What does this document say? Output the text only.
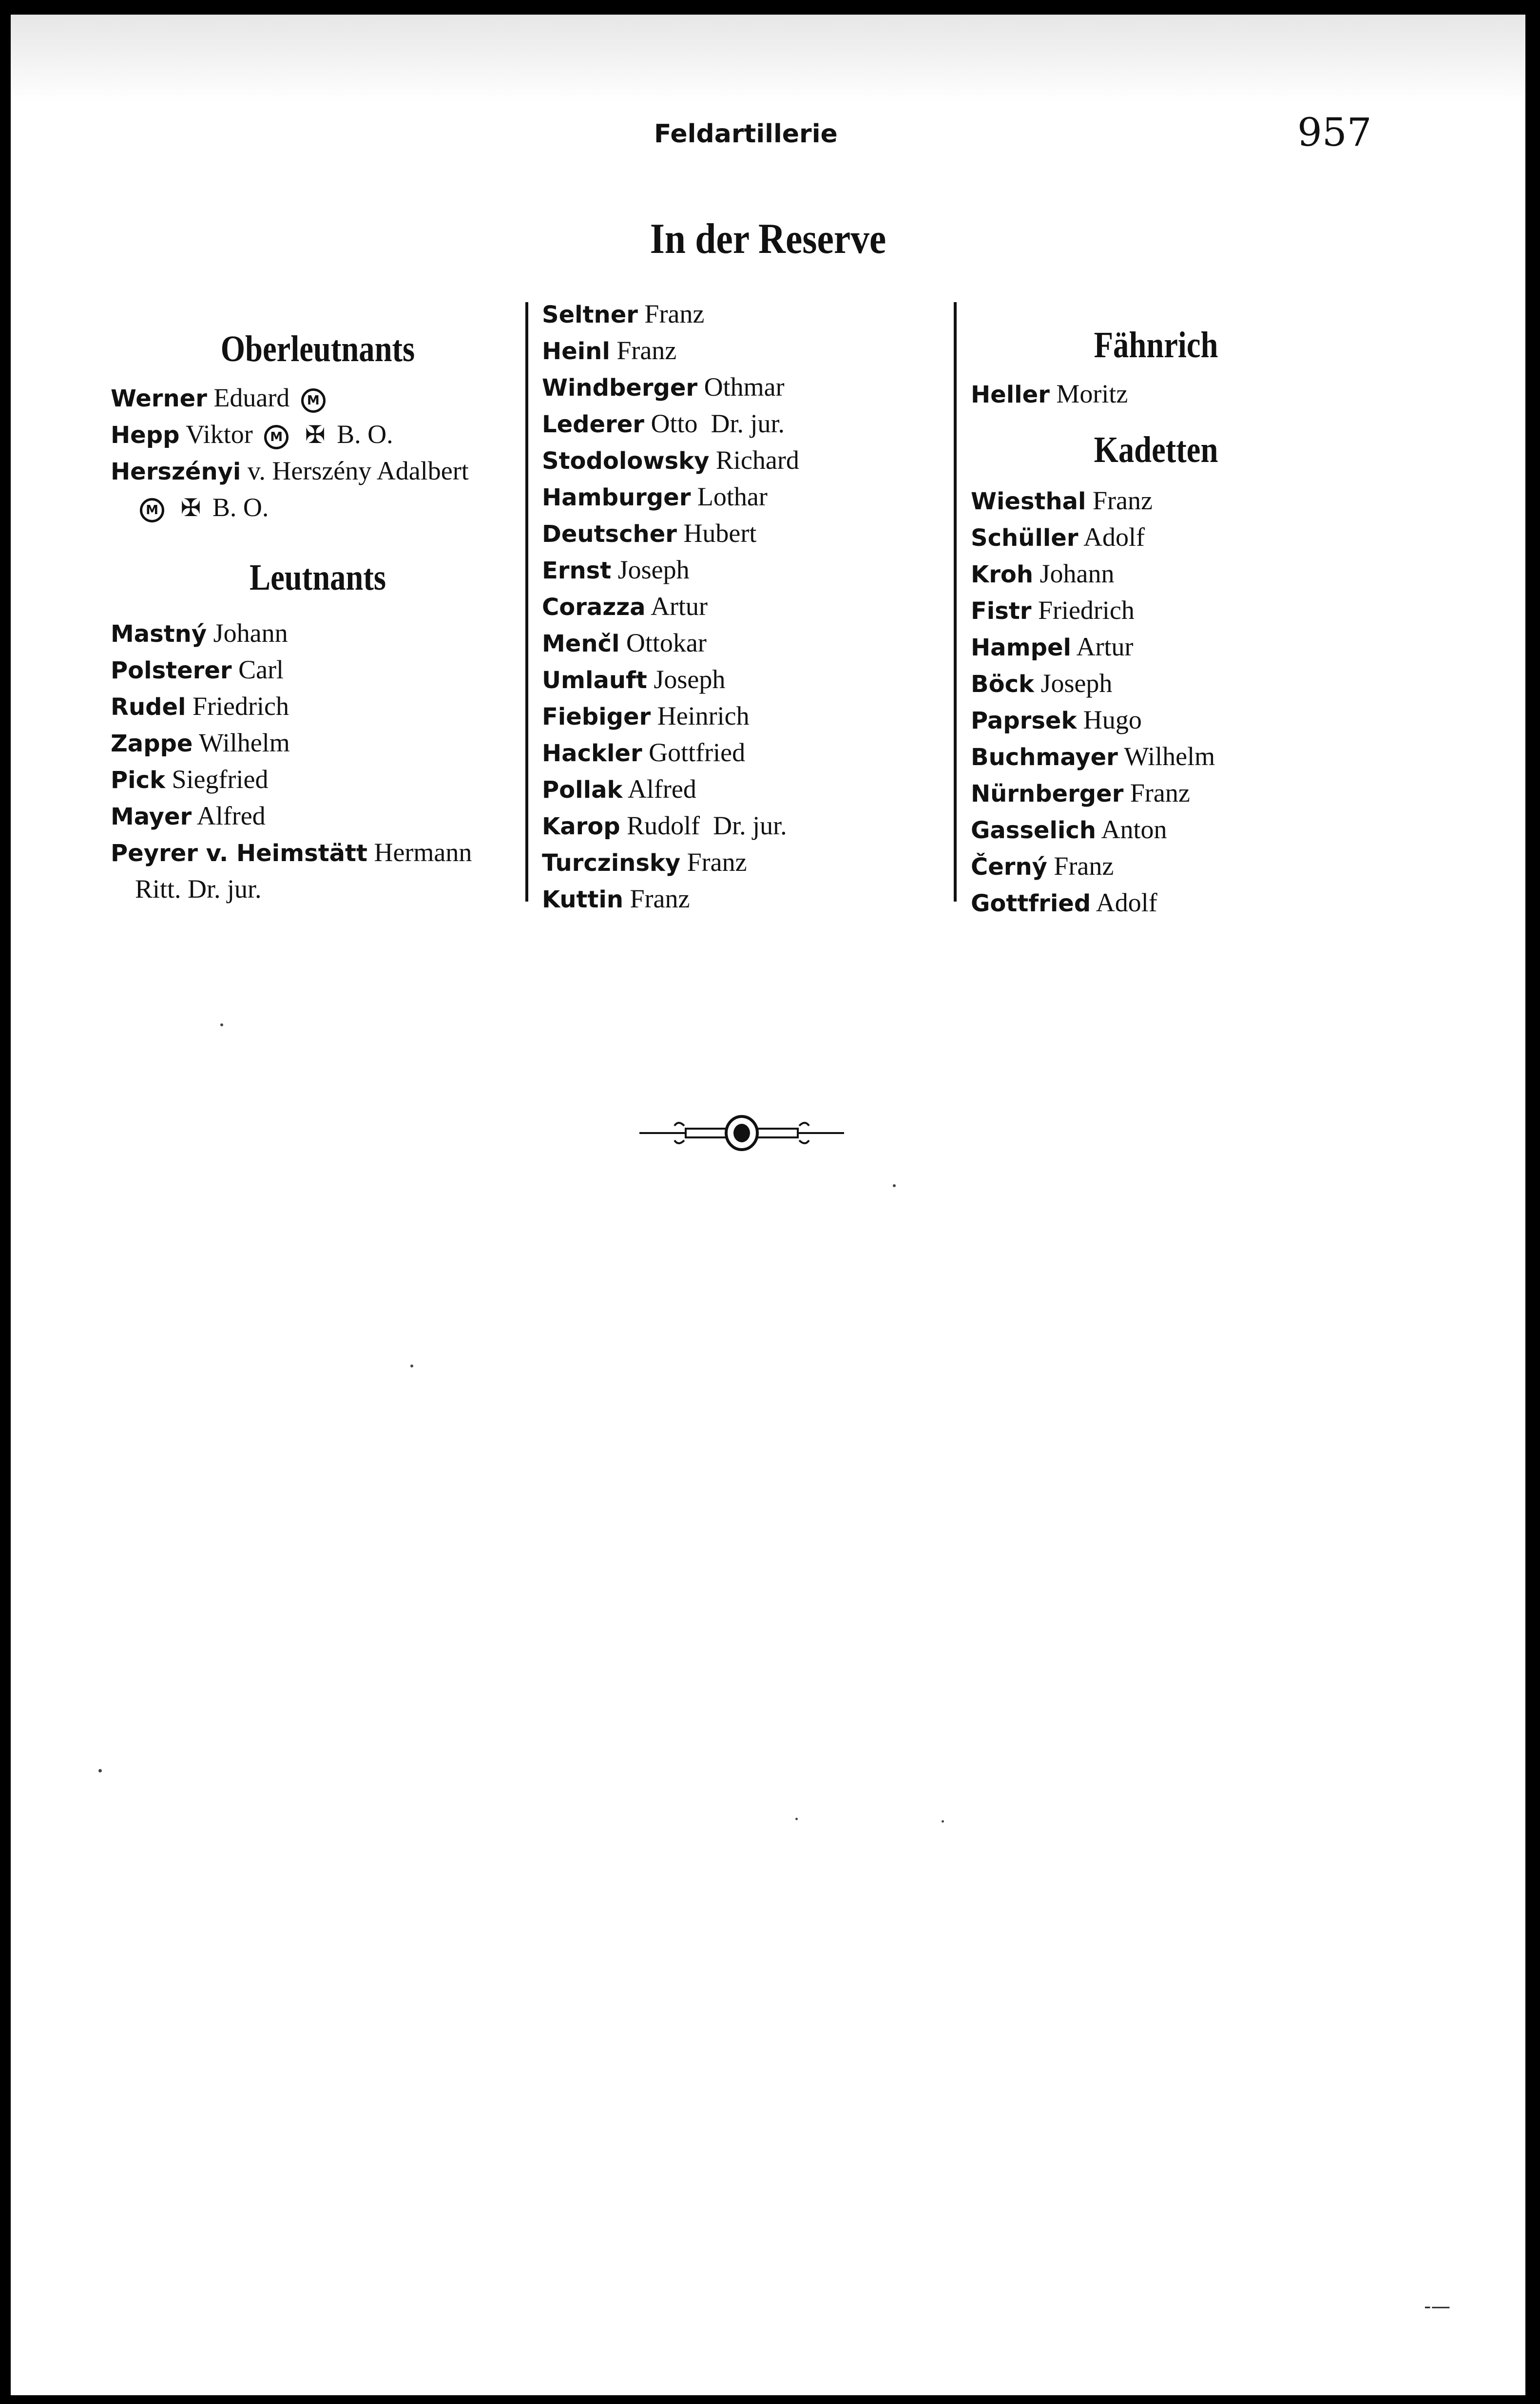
Feldartillerie	957
In der Reserve
Oberleutnants
Werner Eduard M
Hepp Viktor M ✠ B. O.
Herszényi v. Herszény Adalbert
M ✠ B. O.
Leutnants
Mastný Johann
Polsterer Carl
Rudel Friedrich
Zappe Wilhelm
Pick Siegfried
Mayer Alfred
Peyrer v. Heimstätt Hermann
Ritt. Dr. jur.
Seltner Franz
Heinl Franz
Windberger Othmar
Lederer Otto  Dr. jur.
Stodolowsky Richard
Hamburger Lothar
Deutscher Hubert
Ernst Joseph
Corazza Artur
Menčl Ottokar
Umlauft Joseph
Fiebiger Heinrich
Hackler Gottfried
Pollak Alfred
Karop Rudolf  Dr. jur.
Turczinsky Franz
Kuttin Franz
Fähnrich
Heller Moritz
Kadetten
Wiesthal Franz
Schüller Adolf
Kroh Johann
Fistr Friedrich
Hampel Artur
Böck Joseph
Paprsek Hugo
Buchmayer Wilhelm
Nürnberger Franz
Gasselich Anton
Černý Franz
Gottfried Adolf
-—
